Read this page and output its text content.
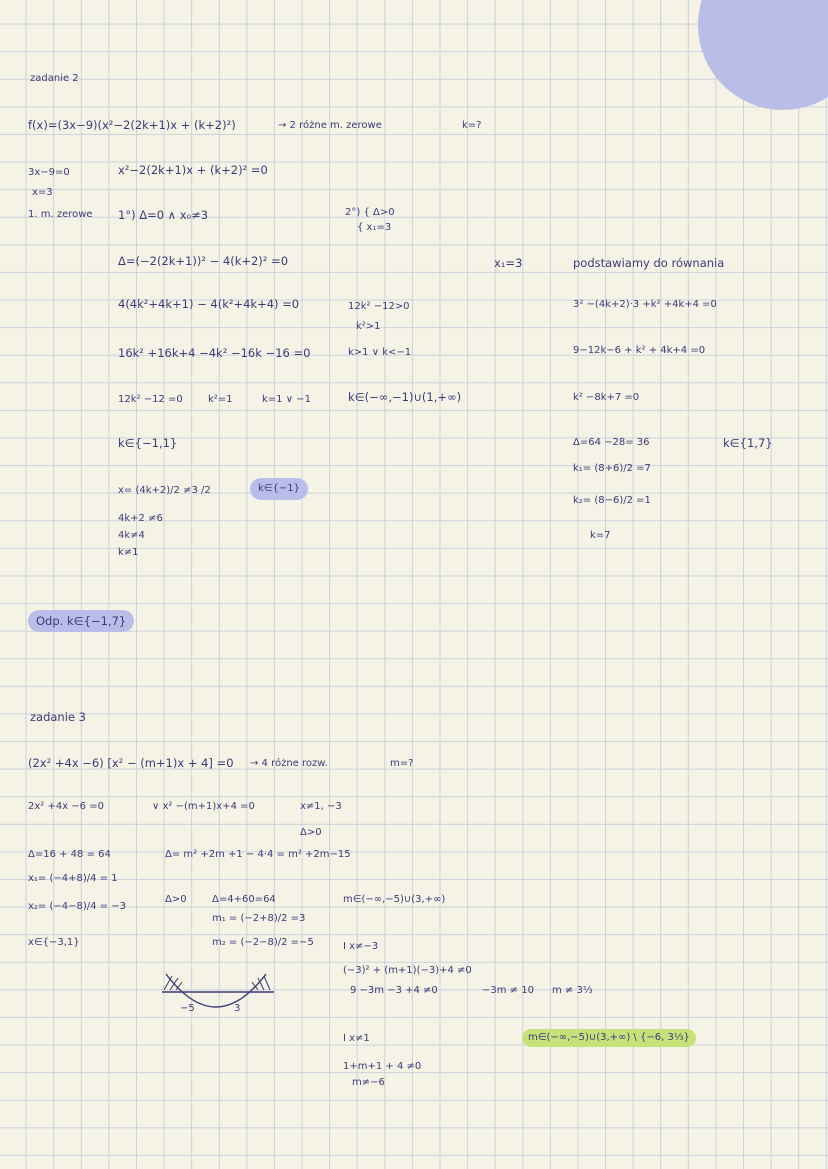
zadanie 2
f(x)=(3x−9)(x²−2(2k+1)x + (k+2)²)	→ 2 różne m. zerowe	k=?
3x−9=0
x=3
1. m. zerowe
x²−2(2k+1)x + (k+2)² =0
1°) Δ=0 ∧ x₀≠3
Δ=(−2(2k+1))² − 4(k+2)² =0
4(4k²+4k+1) − 4(k²+4k+4) =0
16k² +16k+4 −4k² −16k −16 =0
12k² −12 =0	k²=1	k=1 ∨ −1
k∈{−1,1}
x= (4k+2)/2 ≠3 /2
4k+2 ≠6
4k≠4
k≠1
k∈{−1}
2°) { Δ>0
{ x₁=3
12k² −12>0
k²>1
k>1 ∨ k<−1
k∈(−∞,−1)∪(1,+∞)
x₁=3	podstawiamy do równania
3² −(4k+2)·3 +k² +4k+4 =0
9−12k−6 + k² + 4k+4 =0
k² −8k+7 =0
Δ=64 −28= 36
k₁= (8+6)/2 =7
k₂= (8−6)/2 =1
k=7
k∈{1,7}
Odp. k∈{−1,7}
zadanie 3
(2x² +4x −6) [x² − (m+1)x + 4] =0 → 4 różne rozw.	m=?
2x² +4x −6 =0
Δ=16 + 48 = 64
x₁= (−4+8)/4 = 1
x₂= (−4−8)/4 = −3
x∈{−3,1}
∨ x² −(m+1)x+4 =0	x≠1, −3
Δ>0
Δ= m² +2m +1 − 4·4 = m² +2m−15
Δ>0	Δ=4+60=64
m₁ = (−2+8)/2 =3
m₂ = (−2−8)/2 =−5
−5	3
m∈(−∞,−5)∪(3,+∞)
I x≠−3
(−3)² + (m+1)(−3)+4 ≠0
9 −3m −3 +4 ≠0	−3m ≠ 10 m ≠ 3⅓
I x≠1
1+m+1 + 4 ≠0
m≠−6
m∈(−∞,−5)∪(3,+∞) \ {−6, 3⅓}
